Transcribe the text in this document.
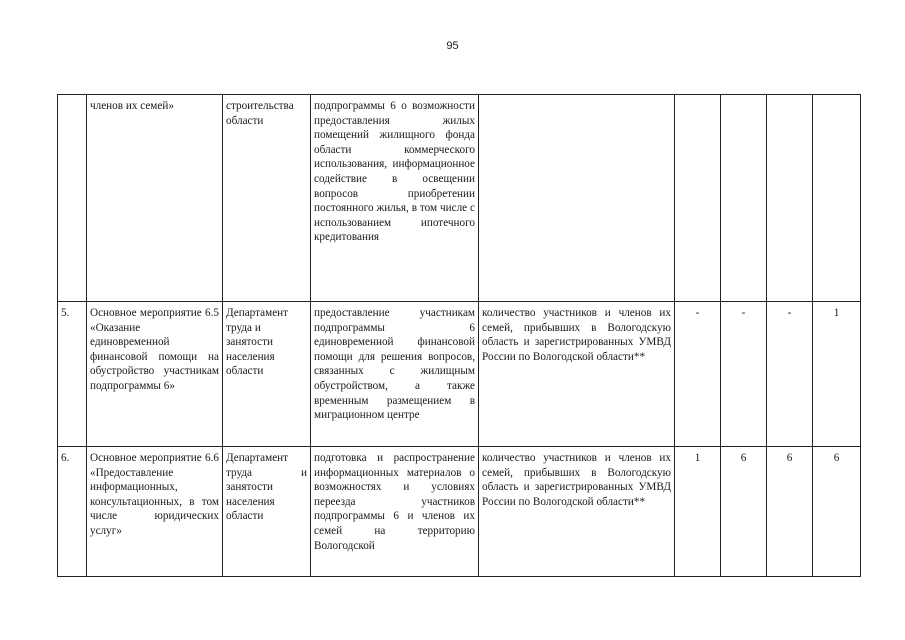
95
	членов их семей»	строительства области	подпрограммы 6 о возможности предоставления жилых помещений жилищного фонда области коммерческого использования, информационное содействие в освещении вопросов приобретении постоянного жилья, в том числе с использованием ипотечного кредитования					
5.	Основное мероприятие 6.5 «Оказание единовременной финансовой помощи на обустройство участникам подпрограммы 6»	Департамент труда и занятости населения области	предоставление участникам подпрограммы 6 единовременной финансовой помощи для решения вопросов, связанных с жилищным обустройством, а также временным размещением в миграционном центре	количество участников и членов их семей, прибывших в Вологодскую область и зарегистрированных УМВД России по Вологодской области**	-	-	-	1
6.	Основное мероприятие 6.6 «Предоставление информационных, консультационных, в том числе юридических услуг»	Департамент труда и занятости населения области	подготовка и распространение информационных материалов о возможностях и условиях переезда участников подпрограммы 6 и членов их семей на территорию Вологодской	количество участников и членов их семей, прибывших в Вологодскую область и зарегистрированных УМВД России по Вологодской области**	1	6	6	6
